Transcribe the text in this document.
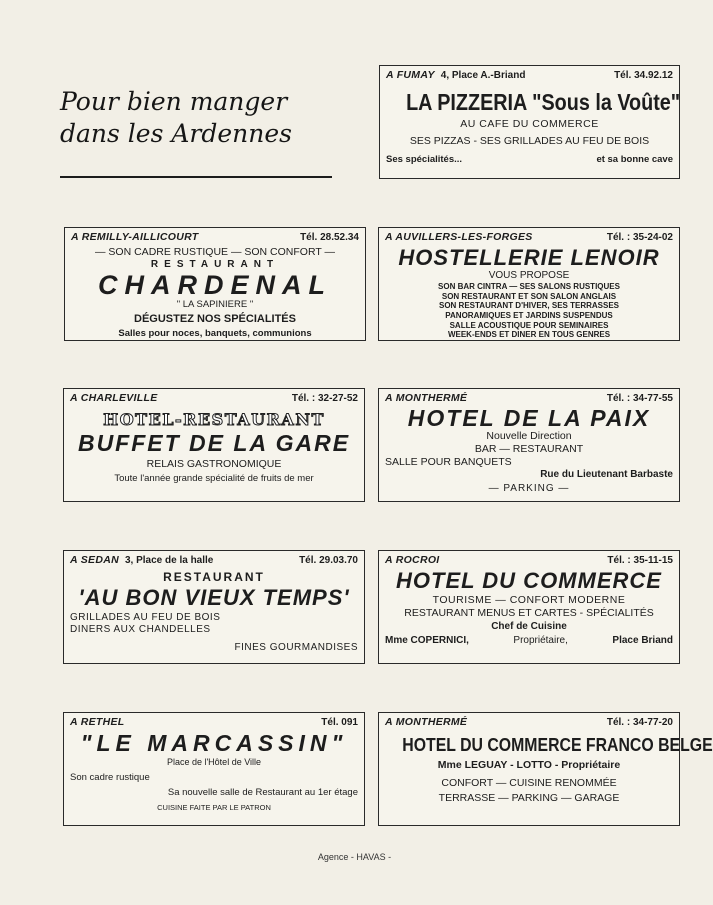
Pour bien manger
dans les Ardennes
A FUMAY 4, Place A.-Briand	Tél. 34.92.12
LA PIZZERIA "Sous la Voûte"
AU CAFE DU COMMERCE
SES PIZZAS - SES GRILLADES AU FEU DE BOIS
Ses spécialités...	et sa bonne cave
A REMILLY-AILLICOURT	Tél. 28.52.34
— SON CADRE RUSTIQUE — SON CONFORT —
RESTAURANT
CHARDENAL
" LA SAPINIERE "
DÉGUSTEZ NOS SPÉCIALITÉS
Salles pour noces, banquets, communions
A AUVILLERS-LES-FORGES	Tél. : 35-24-02
HOSTELLERIE LENOIR
VOUS PROPOSE
SON BAR CINTRA — SES SALONS RUSTIQUES
SON RESTAURANT ET SON SALON ANGLAIS
SON RESTAURANT D'HIVER, SES TERRASSES
PANORAMIQUES ET JARDINS SUSPENDUS
SALLE ACOUSTIQUE POUR SEMINAIRES
WEEK-ENDS ET DINER EN TOUS GENRES
A CHARLEVILLE	Tél. : 32-27-52
HOTEL-RESTAURANT
BUFFET DE LA GARE
RELAIS GASTRONOMIQUE
Toute l'année grande spécialité de fruits de mer
A MONTHERMÉ	Tél. : 34-77-55
HOTEL DE LA PAIX
Nouvelle Direction
BAR — RESTAURANT
SALLE POUR BANQUETS
Rue du Lieutenant Barbaste
— PARKING —
A SEDAN 3, Place de la halle	Tél. 29.03.70
RESTAURANT
'AU BON VIEUX TEMPS'
GRILLADES AU FEU DE BOIS
DINERS AUX CHANDELLES
FINES GOURMANDISES
A ROCROI	Tél. : 35-11-15
HOTEL DU COMMERCE
TOURISME — CONFORT MODERNE
RESTAURANT MENUS ET CARTES - SPÉCIALITÉS
Chef de Cuisine
Mme COPERNICI,	Propriétaire,	Place Briand
A RETHEL	Tél. 091
"LE MARCASSIN"
Place de l'Hôtel de Ville
Son cadre rustique
Sa nouvelle salle de Restaurant au 1er étage
CUISINE FAITE PAR LE PATRON
A MONTHERMÉ	Tél. : 34-77-20
HOTEL DU COMMERCE FRANCO BELGE
Mme LEGUAY - LOTTO - Propriétaire
CONFORT — CUISINE RENOMMÉE
TERRASSE — PARKING — GARAGE
Agence - HAVAS -
